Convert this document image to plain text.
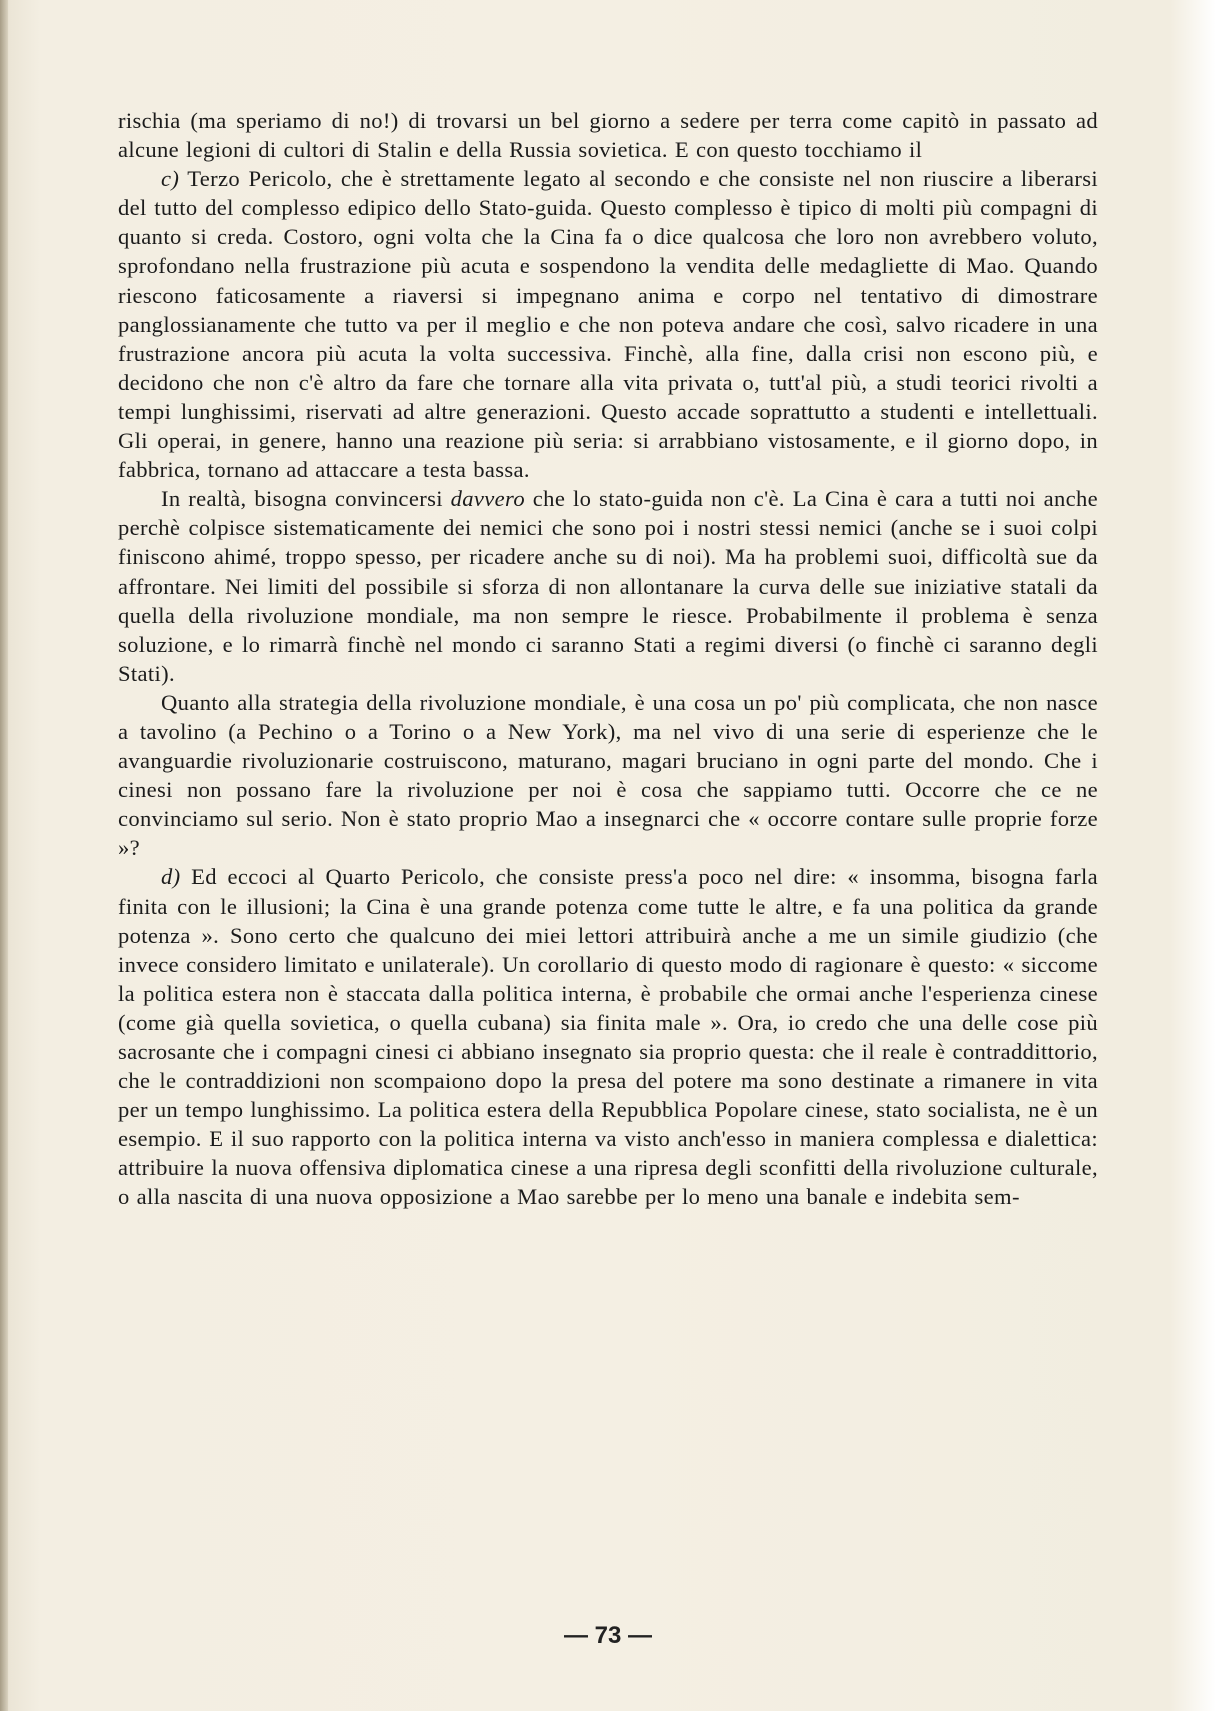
rischia (ma speriamo di no!) di trovarsi un bel giorno a sedere per terra come capitò in passato ad alcune legioni di cultori di Stalin e della Russia sovietica. E con questo tocchiamo il

c) Terzo Pericolo, che è strettamente legato al secondo e che consiste nel non riuscire a liberarsi del tutto del complesso edipico dello Stato-guida. Questo complesso è tipico di molti più compagni di quanto si creda. Costoro, ogni volta che la Cina fa o dice qualcosa che loro non avrebbero voluto, sprofondano nella frustrazione più acuta e sospendono la vendita delle medagliette di Mao. Quando riescono faticosamente a riaversi si impegnano anima e corpo nel tentativo di dimostrare panglossianamente che tutto va per il meglio e che non poteva andare che così, salvo ricadere in una frustrazione ancora più acuta la volta successiva. Finchè, alla fine, dalla crisi non escono più, e decidono che non c'è altro da fare che tornare alla vita privata o, tutt'al più, a studi teorici rivolti a tempi lunghissimi, riservati ad altre generazioni. Questo accade soprattutto a studenti e intellettuali. Gli operai, in genere, hanno una reazione più seria: si arrabbiano vistosamente, e il giorno dopo, in fabbrica, tornano ad attaccare a testa bassa.

In realtà, bisogna convincersi davvero che lo stato-guida non c'è. La Cina è cara a tutti noi anche perchè colpisce sistematicamente dei nemici che sono poi i nostri stessi nemici (anche se i suoi colpi finiscono ahimé, troppo spesso, per ricadere anche su di noi). Ma ha problemi suoi, difficoltà sue da affrontare. Nei limiti del possibile si sforza di non allontanare la curva delle sue iniziative statali da quella della rivoluzione mondiale, ma non sempre le riesce. Probabilmente il problema è senza soluzione, e lo rimarrà finchè nel mondo ci saranno Stati a regimi diversi (o finchè ci saranno degli Stati).

Quanto alla strategia della rivoluzione mondiale, è una cosa un po' più complicata, che non nasce a tavolino (a Pechino o a Torino o a New York), ma nel vivo di una serie di esperienze che le avanguardie rivoluzionarie costruiscono, maturano, magari bruciano in ogni parte del mondo. Che i cinesi non possano fare la rivoluzione per noi è cosa che sappiamo tutti. Occorre che ce ne convinciamo sul serio. Non è stato proprio Mao a insegnarci che « occorre contare sulle proprie forze »?

d) Ed eccoci al Quarto Pericolo, che consiste press'a poco nel dire: « insomma, bisogna farla finita con le illusioni; la Cina è una grande potenza come tutte le altre, e fa una politica da grande potenza ». Sono certo che qualcuno dei miei lettori attribuirà anche a me un simile giudizio (che invece considero limitato e unilaterale). Un corollario di questo modo di ragionare è questo: « siccome la politica estera non è staccata dalla politica interna, è probabile che ormai anche l'esperienza cinese (come già quella sovietica, o quella cubana) sia finita male ». Ora, io credo che una delle cose più sacrosante che i compagni cinesi ci abbiano insegnato sia proprio questa: che il reale è contraddittorio, che le contraddizioni non scompaiono dopo la presa del potere ma sono destinate a rimanere in vita per un tempo lunghissimo. La politica estera della Repubblica Popolare cinese, stato socialista, ne è un esempio. E il suo rapporto con la politica interna va visto anch'esso in maniera complessa e dialettica: attribuire la nuova offensiva diplomatica cinese a una ripresa degli sconfitti della rivoluzione culturale, o alla nascita di una nuova opposizione a Mao sarebbe per lo meno una banale e indebita sem-

— 73 —
